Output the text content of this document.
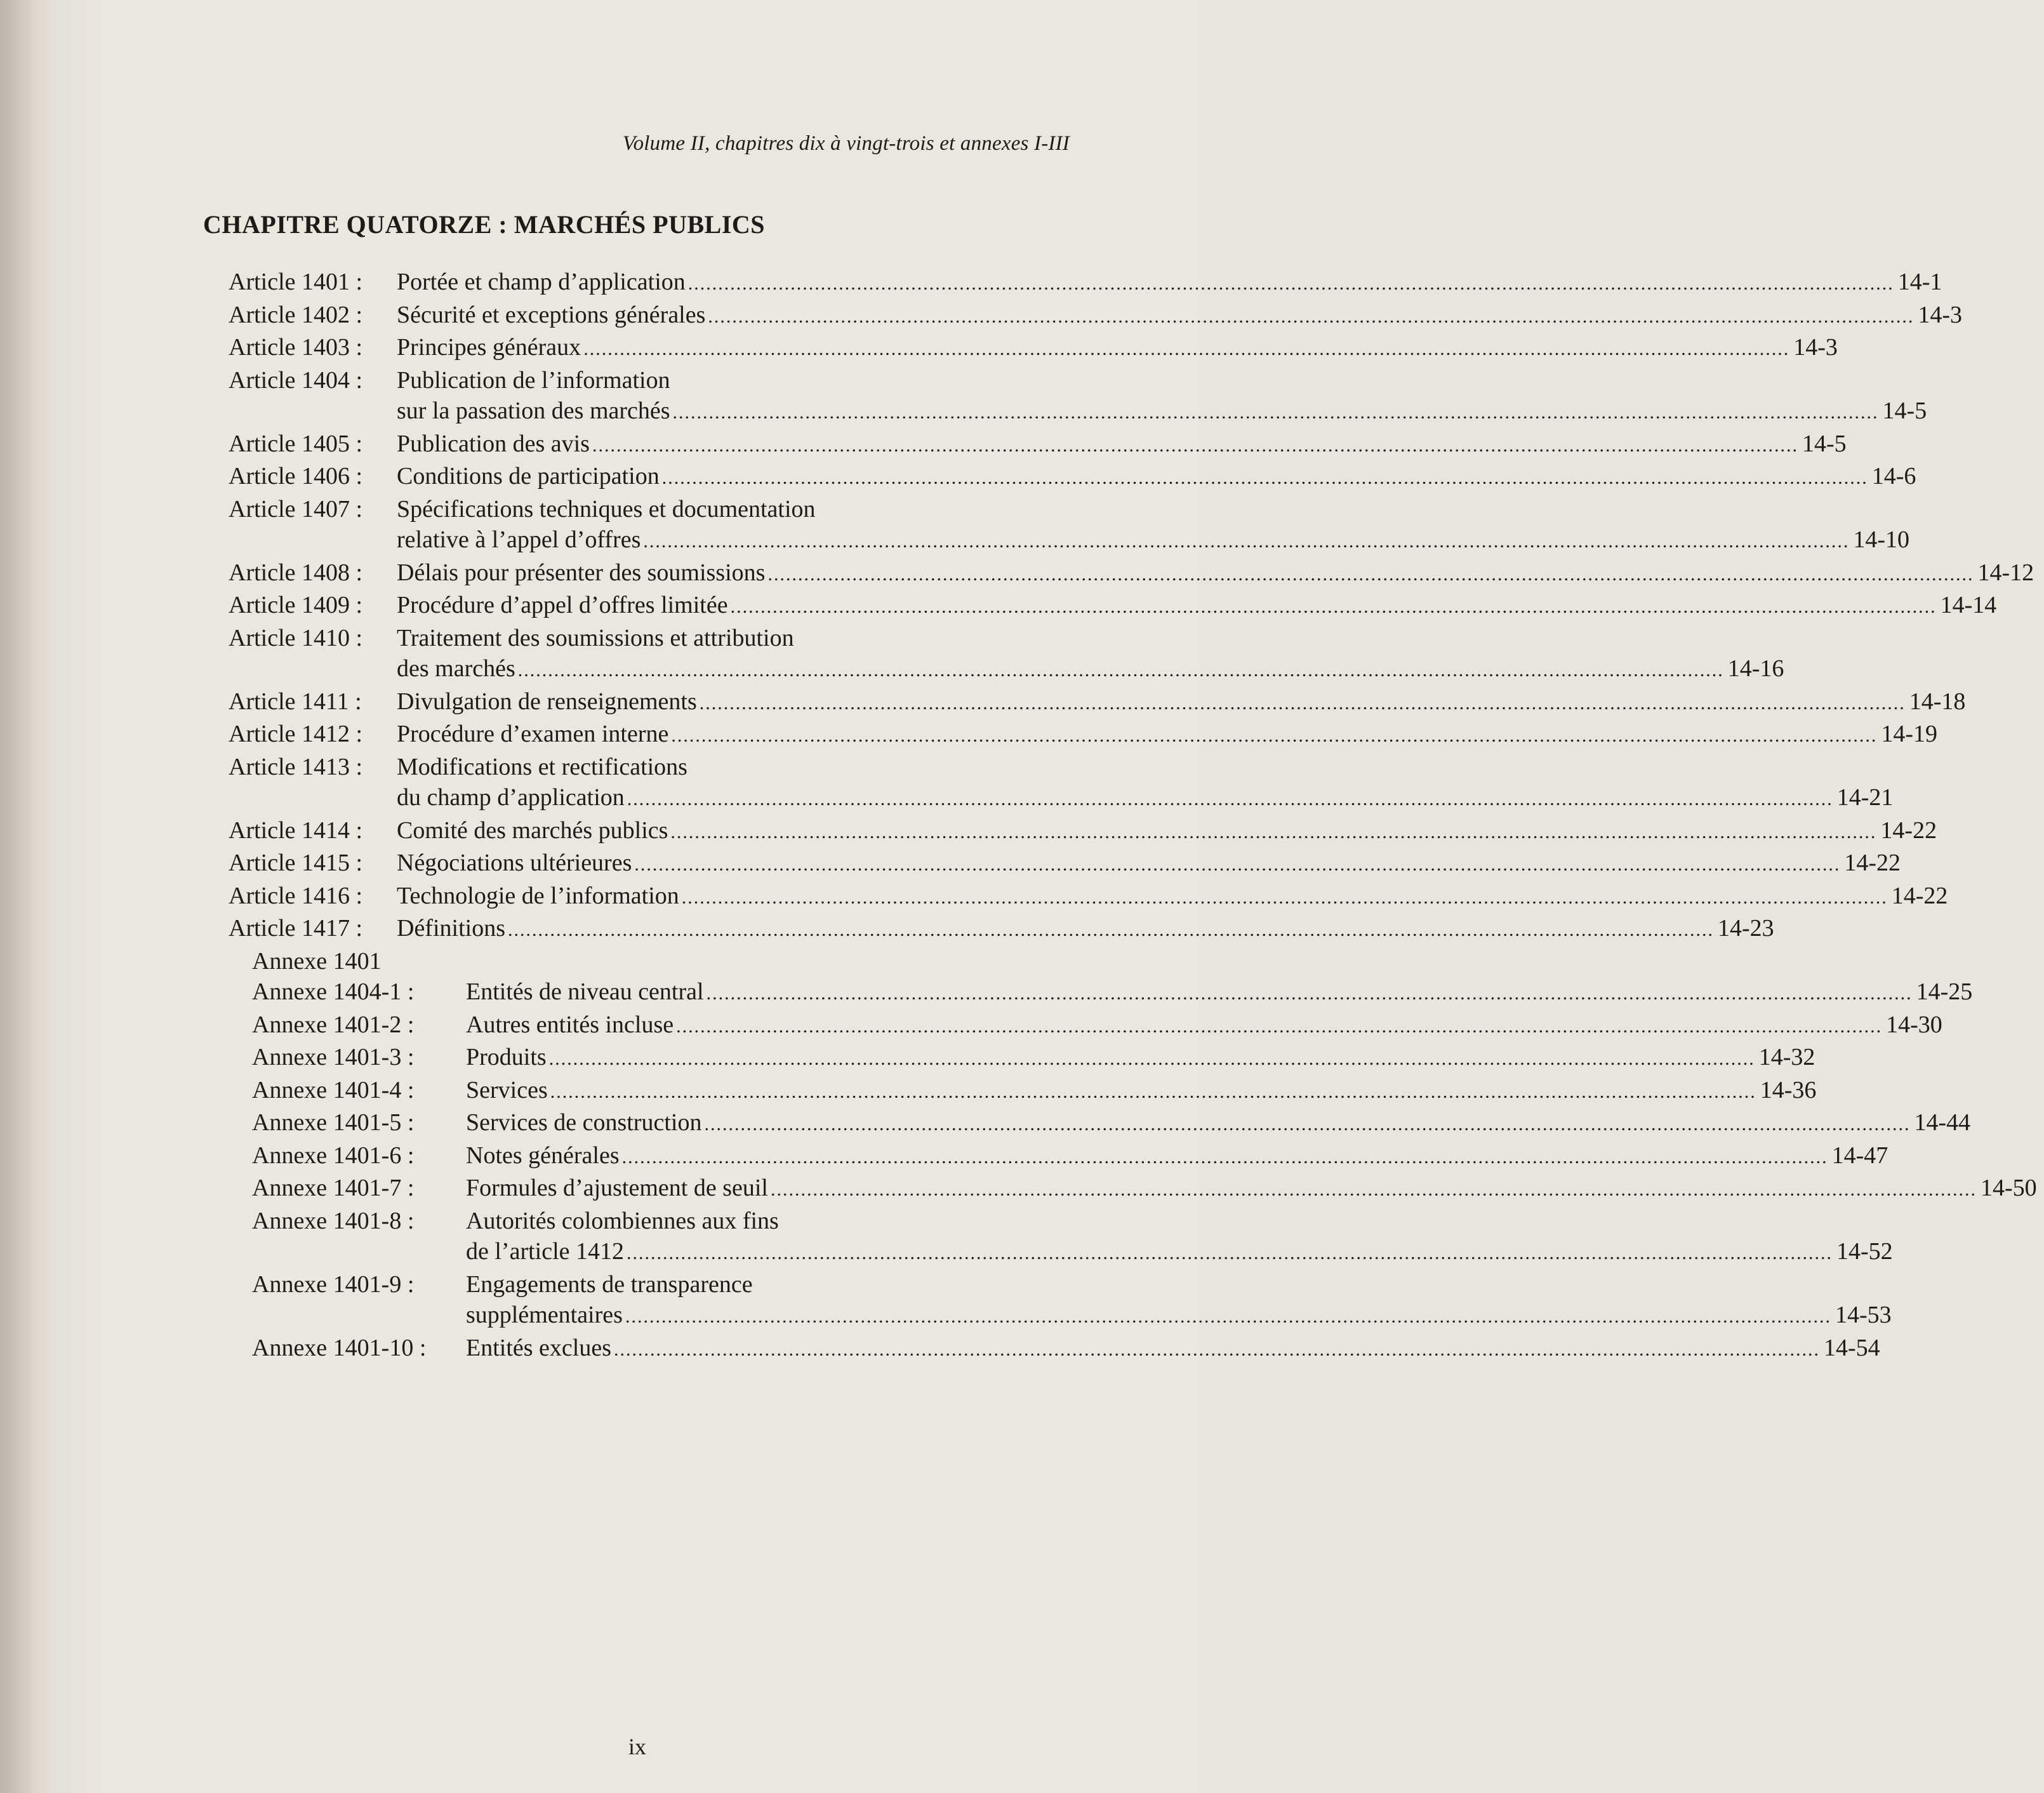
Volume II, chapitres dix à vingt-trois et annexes I-III
CHAPITRE QUATORZE : MARCHÉS PUBLICS
Article 1401 :	Portée et champ d’application ........................................................................................................................................................................................................ 14-1
Article 1402 :	Sécurité et exceptions générales ........................................................................................................................................................................................................ 14-3
Article 1403 :	Principes généraux ........................................................................................................................................................................................................ 14-3
Article 1404 :	Publication de l’information
sur la passation des marchés ........................................................................................................................................................................................................ 14-5
Article 1405 :	Publication des avis ........................................................................................................................................................................................................ 14-5
Article 1406 :	Conditions de participation ........................................................................................................................................................................................................ 14-6
Article 1407 :	Spécifications techniques et documentation
relative à l’appel d’offres ........................................................................................................................................................................................................ 14-10
Article 1408 :	Délais pour présenter des soumissions ........................................................................................................................................................................................................ 14-12
Article 1409 :	Procédure d’appel d’offres limitée ........................................................................................................................................................................................................ 14-14
Article 1410 :	Traitement des soumissions et attribution
des marchés ........................................................................................................................................................................................................ 14-16
Article 1411 :	Divulgation de renseignements ........................................................................................................................................................................................................ 14-18
Article 1412 :	Procédure d’examen interne ........................................................................................................................................................................................................ 14-19
Article 1413 :	Modifications et rectifications
du champ d’application ........................................................................................................................................................................................................ 14-21
Article 1414 :	Comité des marchés publics ........................................................................................................................................................................................................ 14-22
Article 1415 :	Négociations ultérieures ........................................................................................................................................................................................................ 14-22
Article 1416 :	Technologie de l’information ........................................................................................................................................................................................................ 14-22
Article 1417 :	Définitions ........................................................................................................................................................................................................ 14-23
Annexe 1401
Annexe 1404-1 :	Entités de niveau central ........................................................................................................................................................................................................ 14-25
Annexe 1401-2 :	Autres entités incluse ........................................................................................................................................................................................................ 14-30
Annexe 1401-3 :	Produits ........................................................................................................................................................................................................ 14-32
Annexe 1401-4 :	Services ........................................................................................................................................................................................................ 14-36
Annexe 1401-5 :	Services de construction ........................................................................................................................................................................................................ 14-44
Annexe 1401-6 :	Notes générales ........................................................................................................................................................................................................ 14-47
Annexe 1401-7 :	Formules d’ajustement de seuil ........................................................................................................................................................................................................ 14-50
Annexe 1401-8 :	Autorités colombiennes aux fins
de l’article 1412 ........................................................................................................................................................................................................ 14-52
Annexe 1401-9 :	Engagements de transparence
supplémentaires ........................................................................................................................................................................................................ 14-53
Annexe 1401-10 :	Entités exclues ........................................................................................................................................................................................................ 14-54
ix
